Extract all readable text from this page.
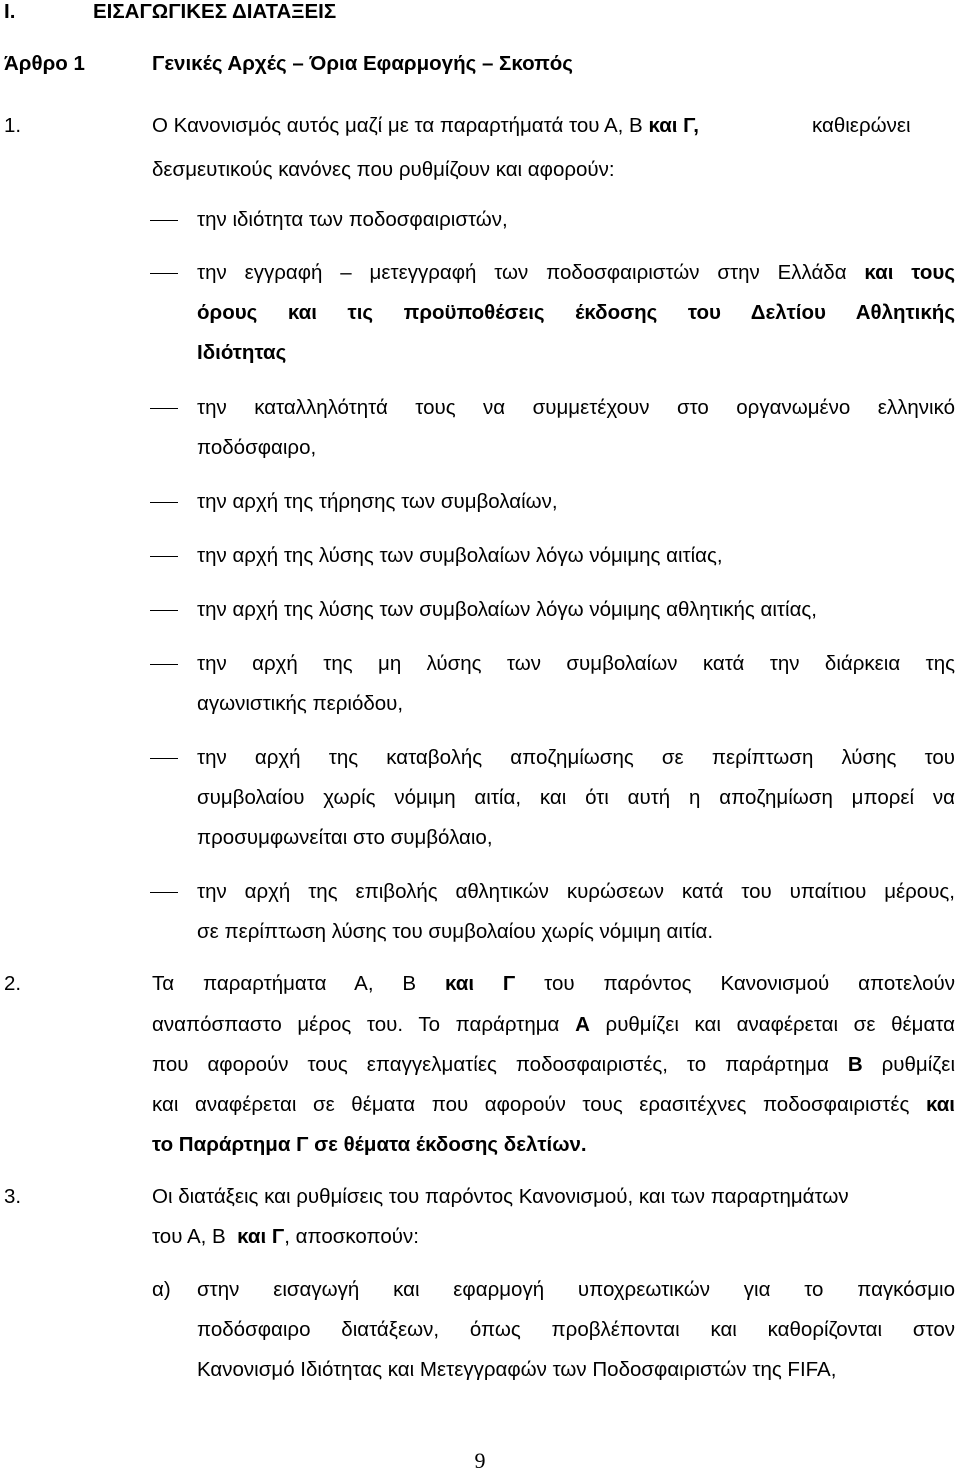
I.	ΕΙΣΑΓΩΓΙΚΕΣ ΔΙΑΤΑΞΕΙΣ
Άρθρο 1	Γενικές Αρχές – Όρια Εφαρμογής – Σκοπός
1.	Ο Κανονισμός αυτός μαζί με τα παραρτήματά του Α, Β και Γ,	καθιερώνει
δεσμευτικούς κανόνες που ρυθμίζουν και αφορούν:
την ιδιότητα των ποδοσφαιριστών,
την εγγραφή – μετεγγραφή των ποδοσφαιριστών στην Ελλάδα και τους
όρους και τις προϋποθέσεις έκδοσης του Δελτίου Αθλητικής
Ιδιότητας
την καταλληλότητά τους να συμμετέχουν στο οργανωμένο ελληνικό
ποδόσφαιρο,
την αρχή της τήρησης των συμβολαίων,
την αρχή της λύσης των συμβολαίων λόγω νόμιμης αιτίας,
την αρχή της λύσης των συμβολαίων λόγω νόμιμης αθλητικής αιτίας,
την αρχή της μη λύσης των συμβολαίων κατά την διάρκεια της
αγωνιστικής περιόδου,
την αρχή της καταβολής αποζημίωσης σε περίπτωση λύσης του
συμβολαίου χωρίς νόμιμη αιτία, και ότι αυτή η αποζημίωση μπορεί να
προσυμφωνείται στο συμβόλαιο,
την αρχή της επιβολής αθλητικών κυρώσεων κατά του υπαίτιου μέρους,
σε περίπτωση λύσης του συμβολαίου χωρίς νόμιμη αιτία.
2.	Τα παραρτήματα Α, Β και Γ του παρόντος Κανονισμού αποτελούν
αναπόσπαστο μέρος του. Το παράρτημα Α ρυθμίζει και αναφέρεται σε θέματα
που αφορούν τους επαγγελματίες ποδοσφαιριστές, το παράρτημα Β ρυθμίζει
και αναφέρεται σε θέματα που αφορούν τους ερασιτέχνες ποδοσφαιριστές και
το Παράρτημα Γ σε θέματα έκδοσης δελτίων.
3.	Οι διατάξεις και ρυθμίσεις του παρόντος Κανονισμού, και των παραρτημάτων
του Α, Β και Γ, αποσκοπούν:
α) στην εισαγωγή και εφαρμογή υποχρεωτικών για το παγκόσμιο
ποδόσφαιρο διατάξεων, όπως προβλέπονται και καθορίζονται στον
Κανονισμό Ιδιότητας και Μετεγγραφών των Ποδοσφαιριστών της FIFA,
9
